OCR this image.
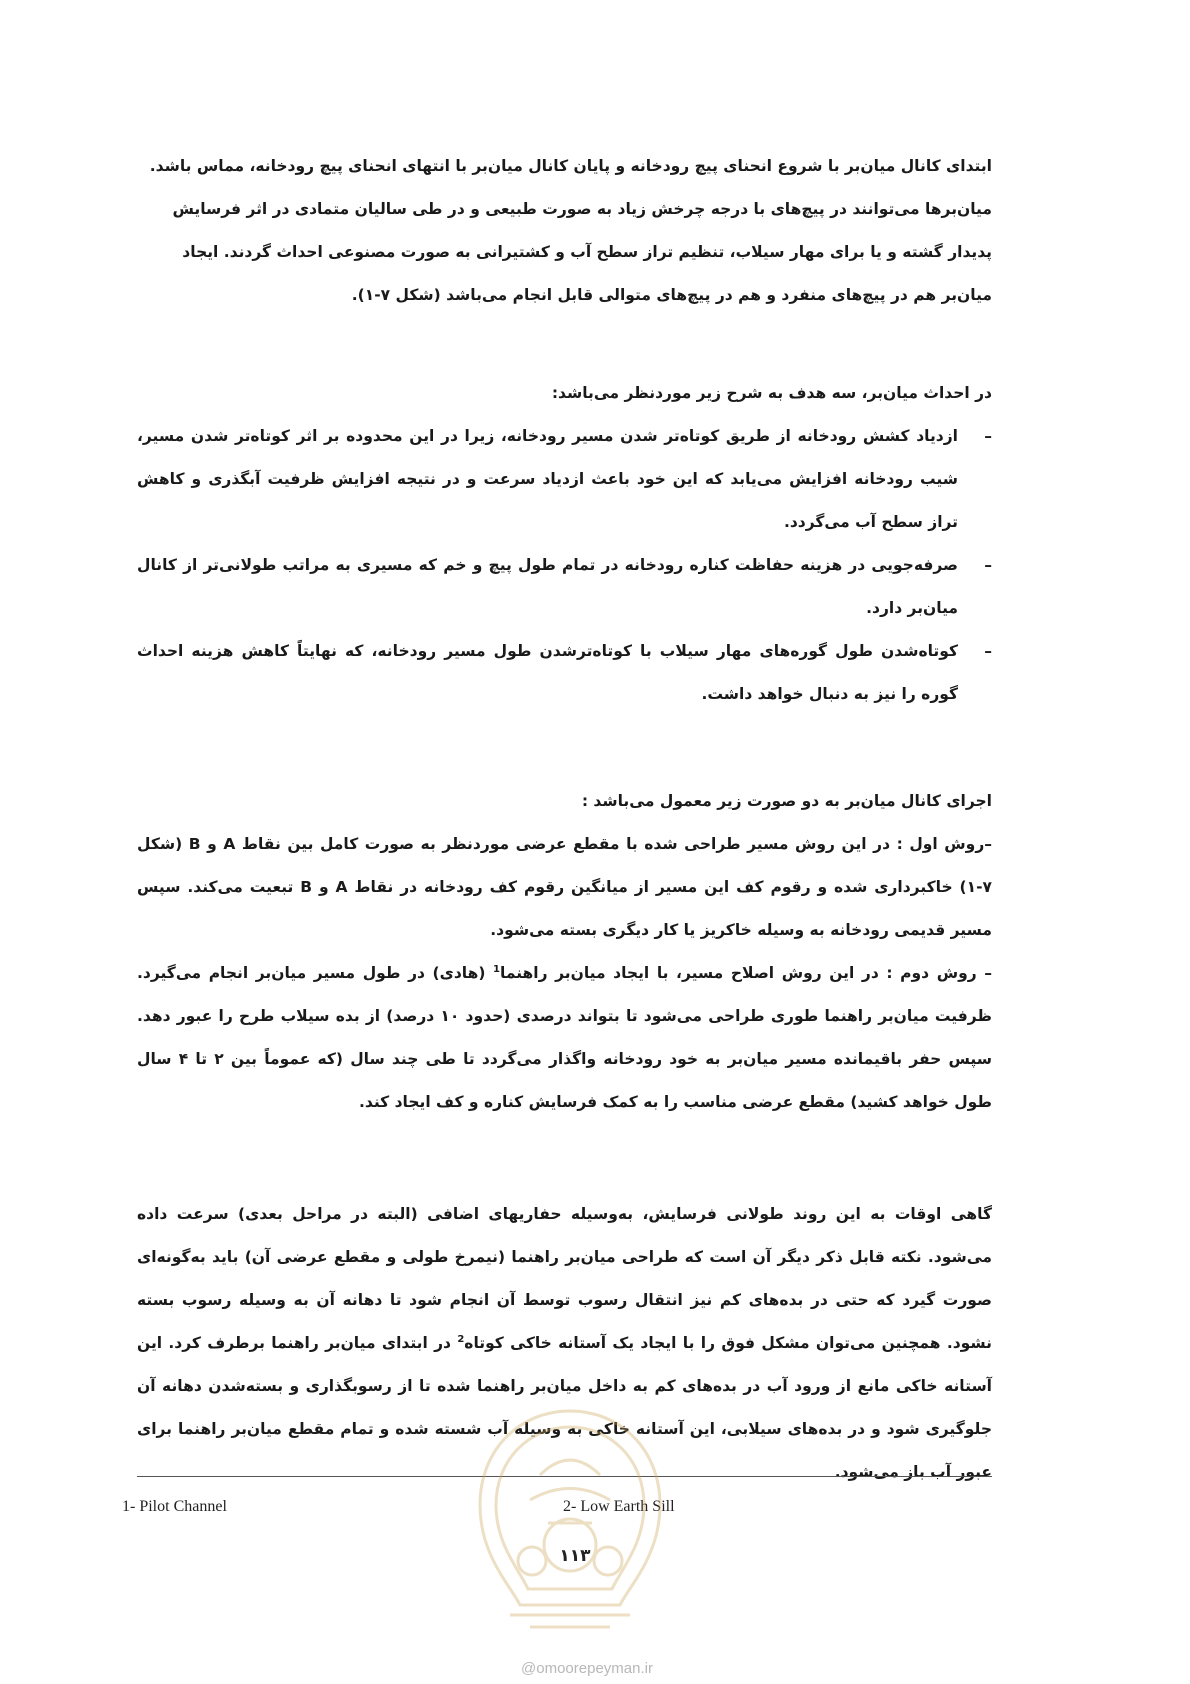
ابتدای کانال میان‌بر با شروع انحنای پیچ رودخانه و پایان کانال میان‌بر با انتهای انحنای پیچ رودخانه، مماس باشد.

میان‌برها می‌توانند در پیچ‌های با درجه چرخش زیاد به صورت طبیعی و در طی سالیان متمادی در اثر فرسایش

پدیدار گشته و یا برای مهار سیلاب، تنظیم تراز سطح آب و کشتیرانی به صورت مصنوعی احداث گردند. ایجاد

میان‌بر هم در پیچ‌های منفرد و هم در پیچ‌های متوالی قابل انجام می‌باشد (شکل ۷-۱).

در احداث میان‌بر، سه هدف به شرح زیر موردنظر می‌باشد:

–
ازدیاد کشش رودخانه از طریق کوتاه‌تر شدن مسیر رودخانه، زیرا در این محدوده بر اثر کوتاه‌تر شدن مسیر، شیب رودخانه افزایش می‌یابد که این خود باعث ازدیاد سرعت و در نتیجه افزایش ظرفیت آبگذری و کاهش تراز سطح آب می‌گردد.

–
صرفه‌جویی در هزینه حفاظت کناره رودخانه در تمام طول پیچ و خم که مسیری به مراتب طولانی‌تر از کانال میان‌بر دارد.

–
کوتاه‌شدن طول گوره‌های مهار سیلاب با کوتاه‌ترشدن طول مسیر رودخانه، که نهایتاً کاهش هزینه احداث گوره را نیز به دنبال خواهد داشت.

اجرای کانال میان‌بر به دو صورت زیر معمول می‌باشد :

–روش اول : در این روش مسیر طراحی شده با مقطع عرضی موردنظر به صورت کامل بین نقاط A و B (شکل ۷-۱) خاکبرداری شده و رقوم کف این مسیر از میانگین رقوم کف رودخانه در نقاط A و B تبعیت می‌کند. سپس مسیر قدیمی رودخانه به وسیله خاکریز یا کار دیگری بسته می‌شود.

– روش دوم : در این روش اصلاح مسیر، با ایجاد میان‌بر راهنما$^1$ (هادی) در طول مسیر میان‌بر انجام می‌گیرد. ظرفیت میان‌بر راهنما طوری طراحی می‌شود تا بتواند درصدی (حدود ۱۰ درصد) از بده سیلاب طرح را عبور دهد. سپس حفر باقیمانده مسیر میان‌بر به خود رودخانه واگذار می‌گردد تا طی چند سال (که عموماً بین ۲ تا ۴ سال طول خواهد کشید) مقطع عرضی مناسب را به کمک فرسایش کناره و کف ایجاد کند.

گاهی اوقات به این روند طولانی فرسایش، به‌وسیله حفاریهای اضافی (البته در مراحل بعدی) سرعت داده می‌شود. نکته قابل ذکر دیگر آن است که طراحی میان‌بر راهنما (نیمرخ طولی و مقطع عرضی آن) باید به‌گونه‌ای صورت گیرد که حتی در بده‌های کم نیز انتقال رسوب توسط آن انجام شود تا دهانه آن به وسیله رسوب بسته نشود. همچنین می‌توان مشکل فوق را با ایجاد یک آستانه خاکی کوتاه$^2$ در ابتدای میان‌بر راهنما برطرف کرد. این آستانه خاکی مانع از ورود آب در بده‌های کم به داخل میان‌بر راهنما شده تا از رسوبگذاری و بسته‌شدن دهانه آن جلوگیری شود و در بده‌های سیلابی، این آستانه خاکی به وسیله آب شسته شده و تمام مقطع میان‌بر راهنما برای عبور آب باز می‌شود.

1- Pilot Channel	2- Low Earth Sill
۱۱۳
@omoorepeyman.ir
